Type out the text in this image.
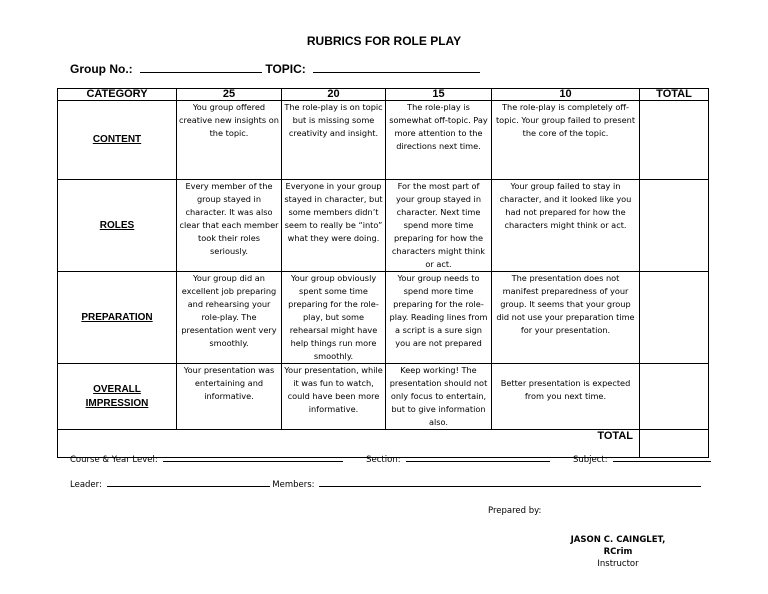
RUBRICS FOR ROLE PLAY
Group No.:	TOPIC:
CATEGORY	25	20	15	10	TOTAL
CONTENT	You group offered creative new insights on the topic.	The role-play is on topic but is missing some creativity and insight.	The role-play is somewhat off-topic. Pay more attention to the directions next time.	The role-play is completely off-topic. Your group failed to present the core of the topic.	
ROLES	Every member of the group stayed in character. It was also clear that each member took their roles seriously.	Everyone in your group stayed in character, but some members didn’t seem to really be “into” what they were doing.	For the most part of your group stayed in character. Next time spend more time preparing for how the characters might think or act.	Your group failed to stay in character, and it looked like you had not prepared for how the characters might think or act.	
PREPARATION	Your group did an excellent job preparing and rehearsing your role-play. The presentation went very smoothly.	Your group obviously spent some time preparing for the role-play, but some rehearsal might have help things run more smoothly.	Your group needs to spend more time preparing for the role-play. Reading lines from a script is a sure sign you are not prepared	The presentation does not manifest preparedness of your group. It seems that your group did not use your preparation time for your presentation.	
OVERALL IMPRESSION	Your presentation was entertaining and informative.	Your presentation, while it was fun to watch, could have been more informative.	Keep working! The presentation should not only focus to entertain, but to give information also.	Better presentation is expected from you next time.	
TOTAL					
Course & Year Level:	Section:	Subject:
Leader:	Members:
Prepared by:
JASON C. CAINGLET, RCrim
Instructor
